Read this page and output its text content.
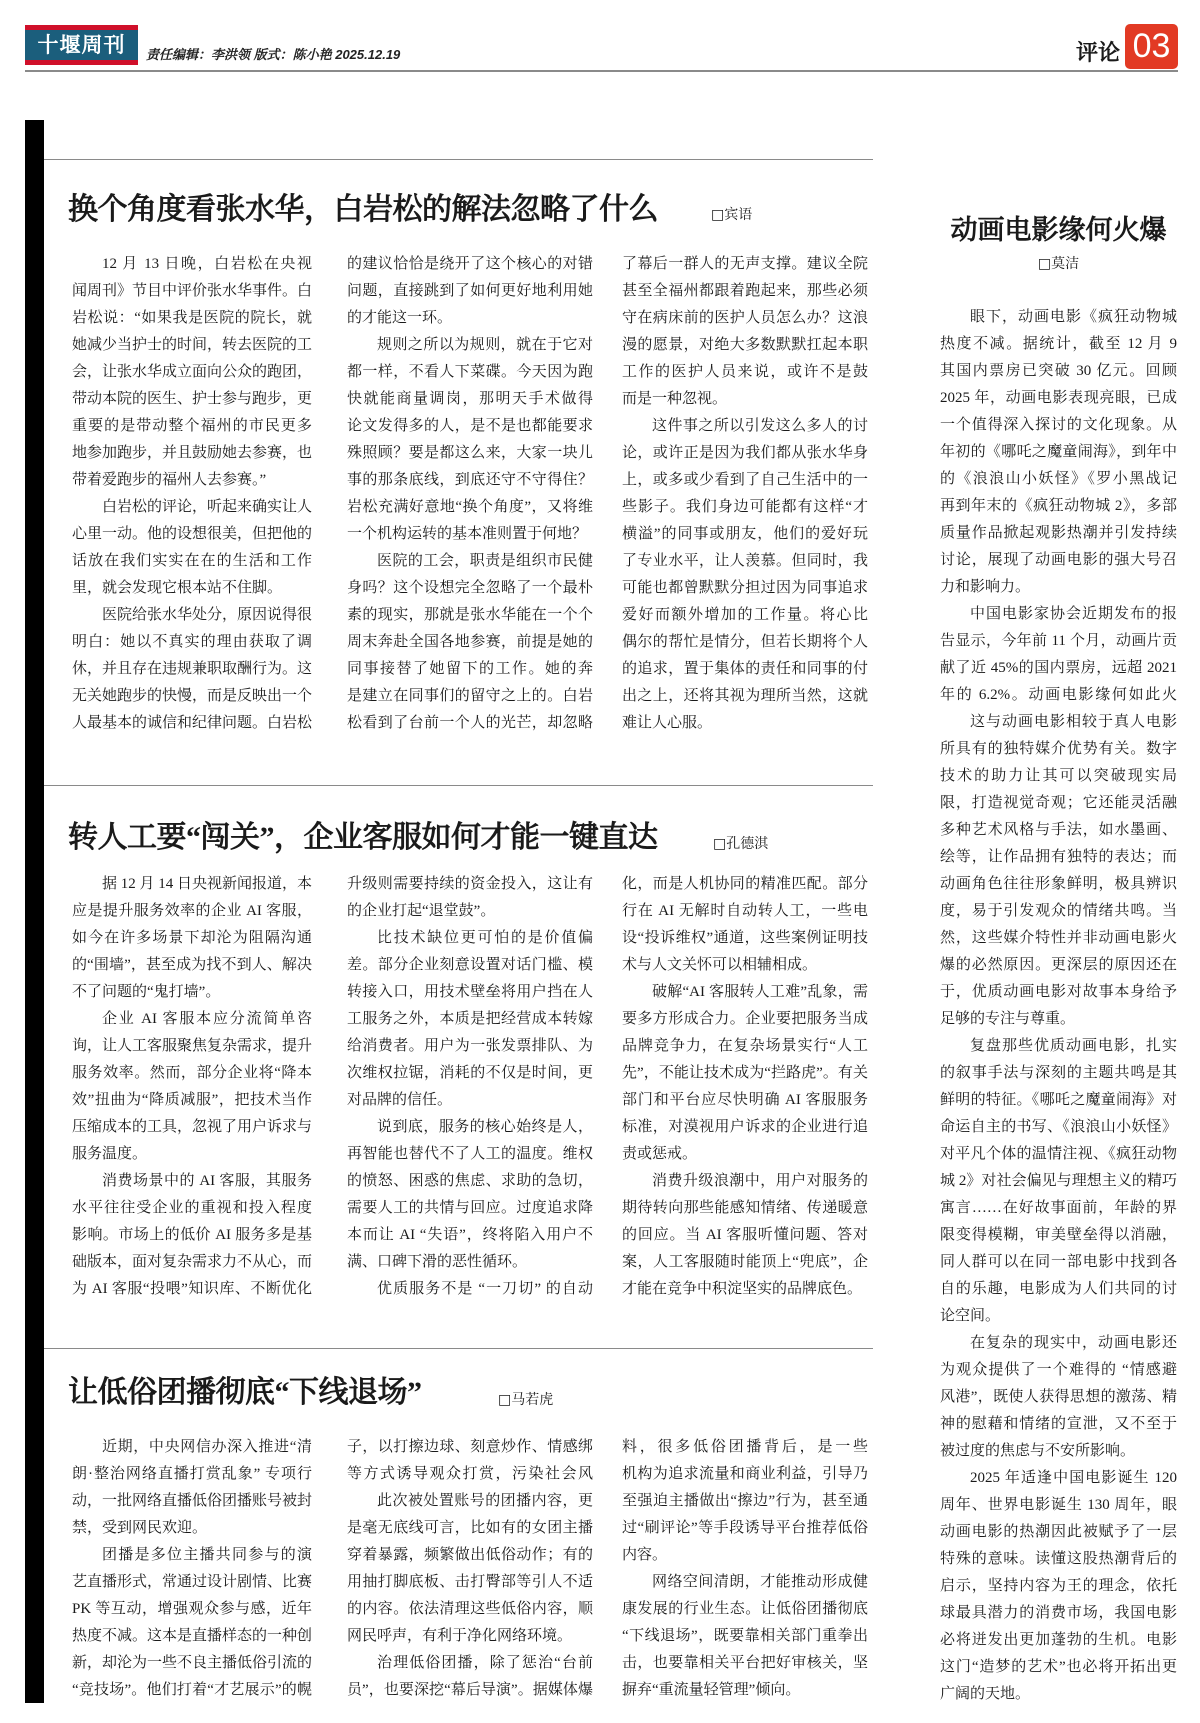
十堰周刊	责任编辑：李洪领 版式：陈小艳 2025.12.19	评论 03
换个角度看张水华，白岩松的解法忽略了什么	□宾语
12 月 13 日晚，白岩松在央视
闻周刊》节目中评价张水华事件。白
岩松说：“如果我是医院的院长，就
她减少当护士的时间，转去医院的工
会，让张水华成立面向公众的跑团，
带动本院的医生、护士参与跑步，更
重要的是带动整个福州的市民更多
地参加跑步，并且鼓励她去参赛，也
带着爱跑步的福州人去参赛。”
白岩松的评论，听起来确实让人
心里一动。他的设想很美，但把他的
话放在我们实实在在的生活和工作
里，就会发现它根本站不住脚。
医院给张水华处分，原因说得很
明白：她以不真实的理由获取了调
休，并且存在违规兼职取酬行为。这
无关她跑步的快慢，而是反映出一个
人最基本的诚信和纪律问题。白岩松
的建议恰恰是绕开了这个核心的对错
问题，直接跳到了如何更好地利用她
的才能这一环。
规则之所以为规则，就在于它对
都一样，不看人下菜碟。今天因为跑
快就能商量调岗，那明天手术做得
论文发得多的人，是不是也都能要求
殊照顾？要是都这么来，大家一块儿
事的那条底线，到底还守不守得住？
岩松充满好意地“换个角度”，又将维
一个机构运转的基本准则置于何地？
医院的工会，职责是组织市民健
身吗？这个设想完全忽略了一个最朴
素的现实，那就是张水华能在一个个
周末奔赴全国各地参赛，前提是她的
同事接替了她留下的工作。她的奔
是建立在同事们的留守之上的。白岩
松看到了台前一个人的光芒，却忽略
了幕后一群人的无声支撑。建议全院
甚至全福州都跟着跑起来，那些必须
守在病床前的医护人员怎么办？这浪
漫的愿景，对绝大多数默默扛起本职
工作的医护人员来说，或许不是鼓
而是一种忽视。
这件事之所以引发这么多人的讨
论，或许正是因为我们都从张水华身
上，或多或少看到了自己生活中的一
些影子。我们身边可能都有这样“才
横溢”的同事或朋友，他们的爱好玩
了专业水平，让人羡慕。但同时，我
可能也都曾默默分担过因为同事追求
爱好而额外增加的工作量。将心比
偶尔的帮忙是情分，但若长期将个人
的追求，置于集体的责任和同事的付
出之上，还将其视为理所当然，这就
难让人心服。
转人工要“闯关”，企业客服如何才能一键直达	□孔德淇
据 12 月 14 日央视新闻报道，本
应是提升服务效率的企业 AI 客服，
如今在许多场景下却沦为阻隔沟通
的“围墙”，甚至成为找不到人、解决
不了问题的“鬼打墙”。
企业 AI 客服本应分流简单咨
询，让人工客服聚焦复杂需求，提升
服务效率。然而，部分企业将“降本
效”扭曲为“降质减服”，把技术当作
压缩成本的工具，忽视了用户诉求与
服务温度。
消费场景中的 AI 客服，其服务
水平往往受企业的重视和投入程度
影响。市场上的低价 AI 服务多是基
础版本，面对复杂需求力不从心，而
为 AI 客服“投喂”知识库、不断优化
升级则需要持续的资金投入，这让有
的企业打起“退堂鼓”。
比技术缺位更可怕的是价值偏
差。部分企业刻意设置对话门槛、模
转接入口，用技术壁垒将用户挡在人
工服务之外，本质是把经营成本转嫁
给消费者。用户为一张发票排队、为
次维权拉锯，消耗的不仅是时间，更
对品牌的信任。
说到底，服务的核心始终是人，
再智能也替代不了人工的温度。维权
的愤怒、困惑的焦虑、求助的急切，
需要人工的共情与回应。过度追求降
本而让 AI “失语”，终将陷入用户不
满、口碑下滑的恶性循环。
优质服务不是 “一刀切” 的自动
化，而是人机协同的精准匹配。部分
行在 AI 无解时自动转人工，一些电
设“投诉维权”通道，这些案例证明技
术与人文关怀可以相辅相成。
破解“AI 客服转人工难”乱象，需
要多方形成合力。企业要把服务当成
品牌竞争力，在复杂场景实行“人工
先”，不能让技术成为“拦路虎”。有关
部门和平台应尽快明确 AI 客服服务
标准，对漠视用户诉求的企业进行追
责或惩戒。
消费升级浪潮中，用户对服务的
期待转向那些能感知情绪、传递暖意
的回应。当 AI 客服听懂问题、答对
案，人工客服随时能顶上“兜底”，企
才能在竞争中积淀坚实的品牌底色。
让低俗团播彻底“下线退场”	□马若虎
近期，中央网信办深入推进“清
朗·整治网络直播打赏乱象” 专项行
动，一批网络直播低俗团播账号被封
禁，受到网民欢迎。
团播是多位主播共同参与的演
艺直播形式，常通过设计剧情、比赛
PK 等互动，增强观众参与感，近年
热度不减。这本是直播样态的一种创
新，却沦为一些不良主播低俗引流的
“竞技场”。他们打着“才艺展示”的幌
子，以打擦边球、刻意炒作、情感绑
等方式诱导观众打赏，污染社会风
此次被处置账号的团播内容，更
是毫无底线可言，比如有的女团主播
穿着暴露，频繁做出低俗动作；有的
用抽打脚底板、击打臀部等引人不适
的内容。依法清理这些低俗内容，顺
网民呼声，有利于净化网络环境。
治理低俗团播，除了惩治“台前
员”，也要深挖“幕后导演”。据媒体爆
料，很多低俗团播背后，是一些
机构为追求流量和商业利益，引导乃
至强迫主播做出“擦边”行为，甚至通
过“刷评论”等手段诱导平台推荐低俗
内容。
网络空间清朗，才能推动形成健
康发展的行业生态。让低俗团播彻底
“下线退场”，既要靠相关部门重拳出
击，也要靠相关平台把好审核关，坚
摒弃“重流量轻管理”倾向。
动画电影缘何火爆
□莫洁
眼下，动画电影《疯狂动物城
热度不减。据统计，截至 12 月 9
其国内票房已突破 30 亿元。回顾
2025 年，动画电影表现亮眼，已成
一个值得深入探讨的文化现象。从
年初的《哪吒之魔童闹海》，到年中
的《浪浪山小妖怪》《罗小黑战记
再到年末的《疯狂动物城 2》，多部
质量作品掀起观影热潮并引发持续
讨论，展现了动画电影的强大号召
力和影响力。
中国电影家协会近期发布的报
告显示，今年前 11 个月，动画片贡
献了近 45%的国内票房，远超 2021
年的 6.2%。动画电影缘何如此火
这与动画电影相较于真人电影
所具有的独特媒介优势有关。数字
技术的助力让其可以突破现实局
限，打造视觉奇观；它还能灵活融
多种艺术风格与手法，如水墨画、
绘等，让作品拥有独特的表达；而
动画角色往往形象鲜明，极具辨识
度，易于引发观众的情绪共鸣。当
然，这些媒介特性并非动画电影火
爆的必然原因。更深层的原因还在
于，优质动画电影对故事本身给予
足够的专注与尊重。
复盘那些优质动画电影，扎实
的叙事手法与深刻的主题共鸣是其
鲜明的特征。《哪吒之魔童闹海》对
命运自主的书写、《浪浪山小妖怪》
对平凡个体的温情注视、《疯狂动物
城 2》对社会偏见与理想主义的精巧
寓言……在好故事面前，年龄的界
限变得模糊，审美壁垒得以消融，
同人群可以在同一部电影中找到各
自的乐趣，电影成为人们共同的讨
论空间。
在复杂的现实中，动画电影还
为观众提供了一个难得的 “情感避
风港”，既使人获得思想的激荡、精
神的慰藉和情绪的宣泄，又不至于
被过度的焦虑与不安所影响。
2025 年适逢中国电影诞生 120
周年、世界电影诞生 130 周年，眼
动画电影的热潮因此被赋予了一层
特殊的意味。读懂这股热潮背后的
启示，坚持内容为王的理念，依托
球最具潜力的消费市场，我国电影
必将迸发出更加蓬勃的生机。电影
这门“造梦的艺术”也必将开拓出更
广阔的天地。
